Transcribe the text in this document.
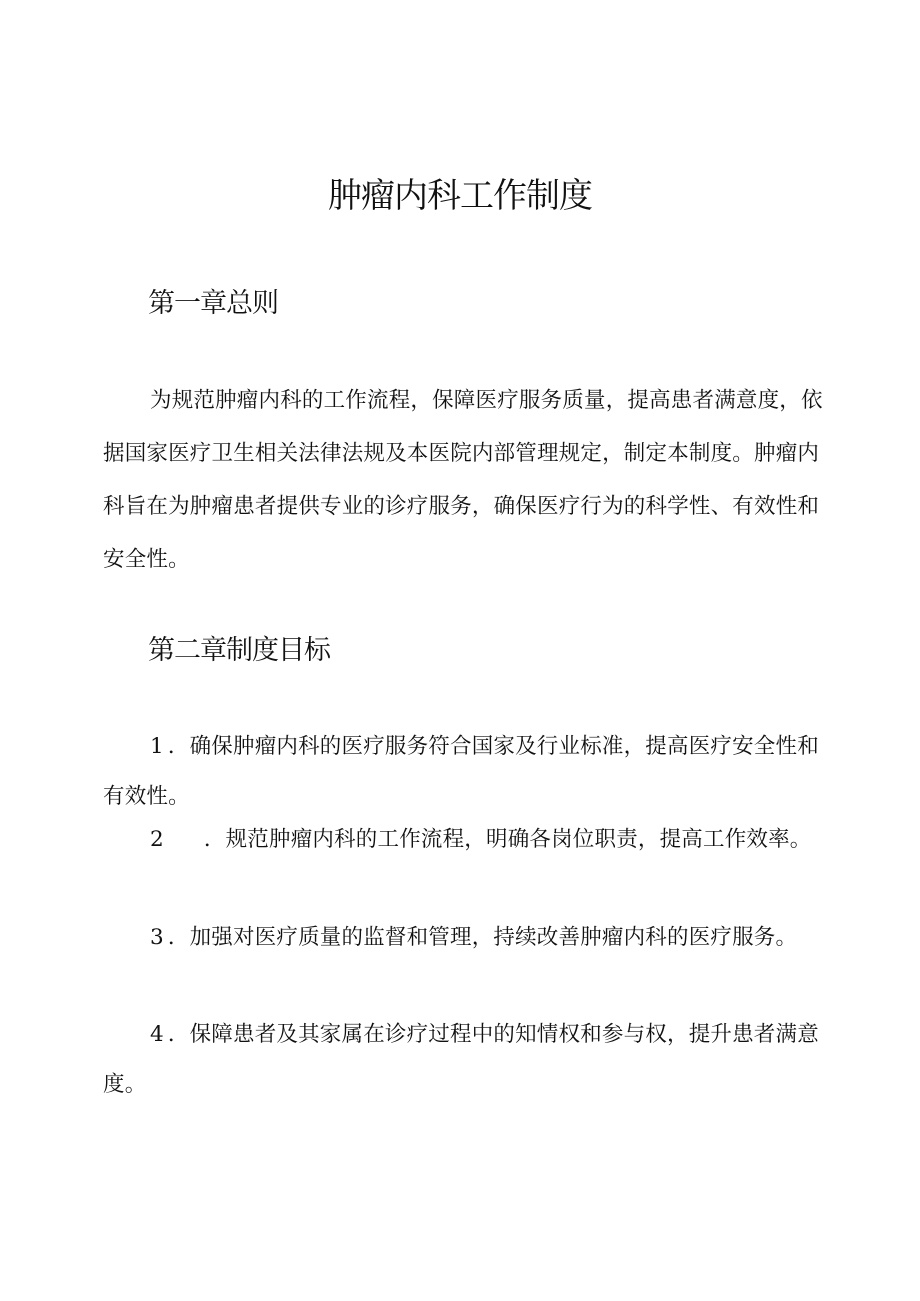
肿瘤内科工作制度
第一章总则

为规范肿瘤内科的工作流程，保障医疗服务质量，提高患者满意度，依据国家医疗卫生相关法律法规及本医院内部管理规定，制定本制度。肿瘤内科旨在为肿瘤患者提供专业的诊疗服务，确保医疗行为的科学性、有效性和安全性。

第二章制度目标

1 ．确保肿瘤内科的医疗服务符合国家及行业标准，提高医疗安全性和有效性。

2 ．规范肿瘤内科的工作流程，明确各岗位职责，提高工作效率。

3 ．加强对医疗质量的监督和管理，持续改善肿瘤内科的医疗服务。

4 ．保障患者及其家属在诊疗过程中的知情权和参与权，提升患者满意度。
